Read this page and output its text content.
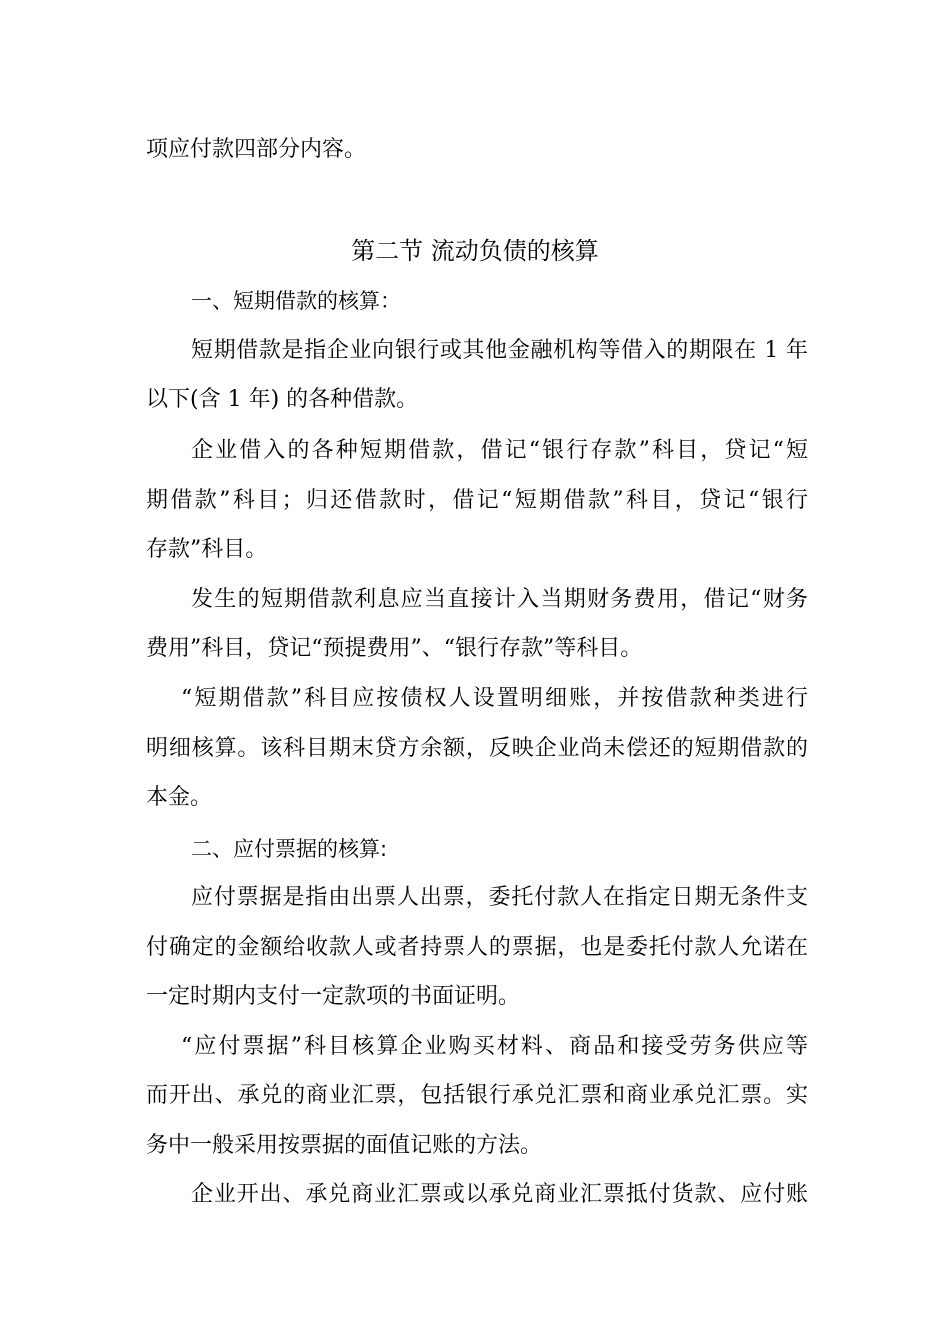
项应付款四部分内容。
第二节 流动负债的核算
一、短期借款的核算：
短期借款是指企业向银行或其他金融机构等借入的期限在 1 年
以下(含 1 年) 的各种借款。
企业借入的各种短期借款，借记“银行存款”科目，贷记“短
期借款”科目；归还借款时，借记“短期借款”科目，贷记“银行
存款”科目。
发生的短期借款利息应当直接计入当期财务费用，借记“财务
费用”科目，贷记“预提费用”、“银行存款”等科目。
“短期借款”科目应按债权人设置明细账，并按借款种类进行
明细核算。该科目期末贷方余额，反映企业尚未偿还的短期借款的
本金。
二、应付票据的核算:
应付票据是指由出票人出票，委托付款人在指定日期无条件支
付确定的金额给收款人或者持票人的票据，也是委托付款人允诺在
一定时期内支付一定款项的书面证明。
“应付票据”科目核算企业购买材料、商品和接受劳务供应等
而开出、承兑的商业汇票，包括银行承兑汇票和商业承兑汇票。实
务中一般采用按票据的面值记账的方法。
企业开出、承兑商业汇票或以承兑商业汇票抵付货款、应付账
